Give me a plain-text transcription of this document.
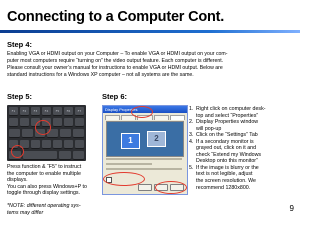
Connecting to a Computer Cont.
Step 4:

Enabling VGA or HDMI output on your Computer – To enable VGA or HDMI output on your com-

puter most computers require “turning on” the video output feature. Each computer is different.

Please consult your owner’s manual for instructions to enable VGA or HDMI output. Below are

standard instructions for a Windows XP computer – not all systems are the same.

Step 5:
F1	F2	F3	F4	F5	F6	F7

Press function & “F5” to instruct

the computer to enable multiple

displays.

You can also press Windows+P to

toggle through display settings.

*NOTE: different operating sys-
tems may differ

Step 6:
Display Properties
1	2
1. Right click on computer desk-
top and select “Properties”
2. Display Properties window
will pop-up
3. Click on the “Settings” Tab
4. If a secondary monitor is
grayed out, click on it and
check “Extend my Windows
Desktop onto this monitor”
5. If the image is blurry or the
text is not legible, adjust
the screen resolution. We
recommend 1280x800.
9
